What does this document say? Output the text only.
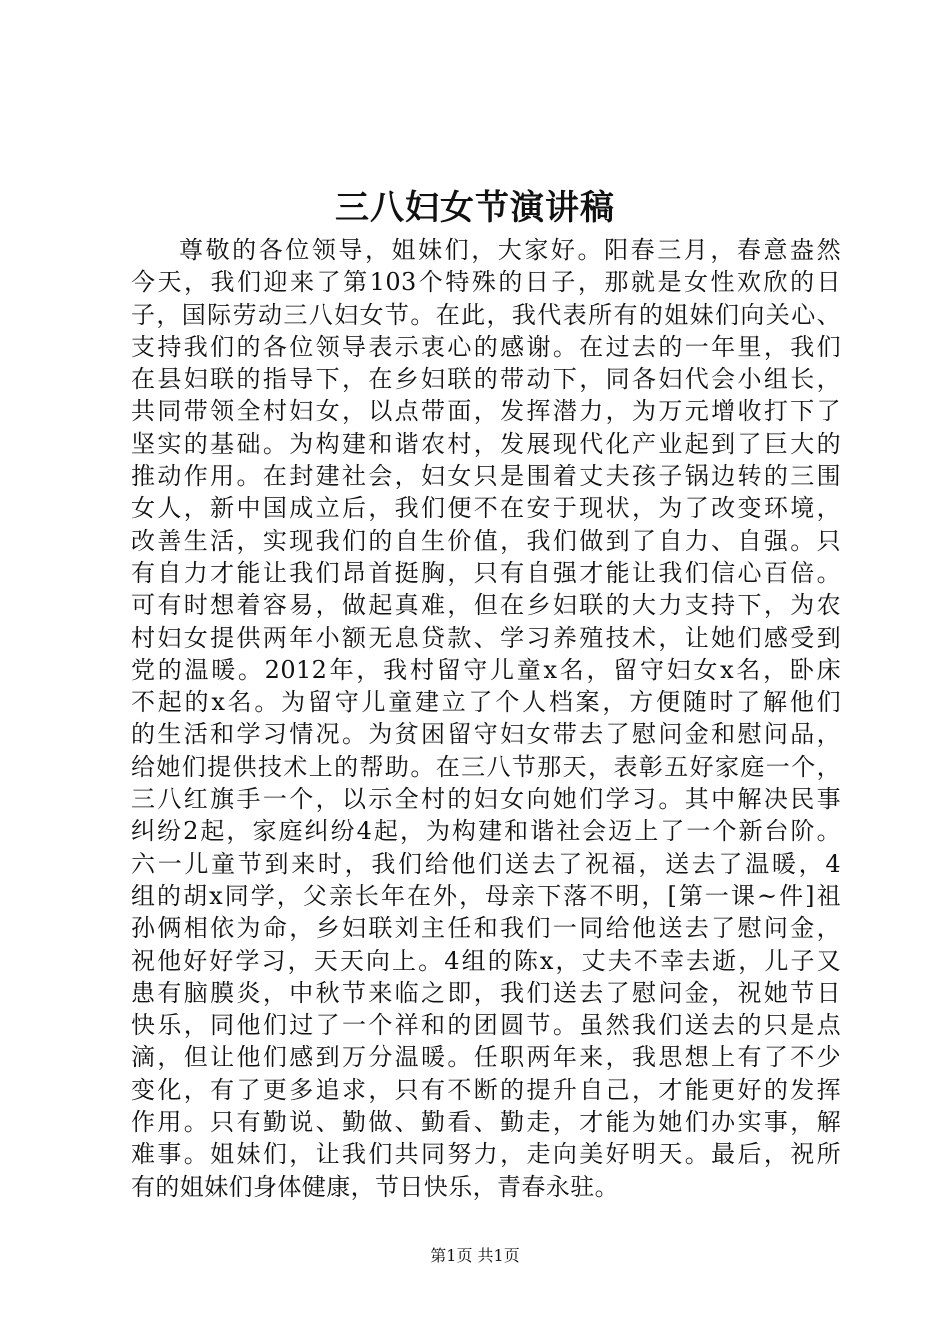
三八妇女节演讲稿
尊敬的各位领导，姐妹们，大家好。阳春三月，春意盎然
今天，我们迎来了第103个特殊的日子，那就是女性欢欣的日
子，国际劳动三八妇女节。在此，我代表所有的姐妹们向关心、
支持我们的各位领导表示衷心的感谢。在过去的一年里，我们
在县妇联的指导下，在乡妇联的带动下，同各妇代会小组长，
共同带领全村妇女，以点带面，发挥潜力，为万元增收打下了
坚实的基础。为构建和谐农村，发展现代化产业起到了巨大的
推动作用。在封建社会，妇女只是围着丈夫孩子锅边转的三围
女人，新中国成立后，我们便不在安于现状，为了改变环境，
改善生活，实现我们的自生价值，我们做到了自力、自强。只
有自力才能让我们昂首挺胸，只有自强才能让我们信心百倍。
可有时想着容易，做起真难，但在乡妇联的大力支持下，为农
村妇女提供两年小额无息贷款、学习养殖技术，让她们感受到
党的温暖。2012年，我村留守儿童x名，留守妇女x名，卧床
不起的x名。为留守儿童建立了个人档案，方便随时了解他们
的生活和学习情况。为贫困留守妇女带去了慰问金和慰问品，
给她们提供技术上的帮助。在三八节那天，表彰五好家庭一个，
三八红旗手一个，以示全村的妇女向她们学习。其中解决民事
纠纷2起，家庭纠纷4起，为构建和谐社会迈上了一个新台阶。
六一儿童节到来时，我们给他们送去了祝福，送去了温暖，4
组的胡x同学，父亲长年在外，母亲下落不明，[第一课~件]祖
孙俩相依为命，乡妇联刘主任和我们一同给他送去了慰问金，
祝他好好学习，天天向上。4组的陈x，丈夫不幸去逝，儿子又
患有脑膜炎，中秋节来临之即，我们送去了慰问金，祝她节日
快乐，同他们过了一个祥和的团圆节。虽然我们送去的只是点
滴，但让他们感到万分温暖。任职两年来，我思想上有了不少
变化，有了更多追求，只有不断的提升自己，才能更好的发挥
作用。只有勤说、勤做、勤看、勤走，才能为她们办实事，解
难事。姐妹们，让我们共同努力，走向美好明天。最后，祝所
有的姐妹们身体健康，节日快乐，青春永驻。
第1页 共1页
